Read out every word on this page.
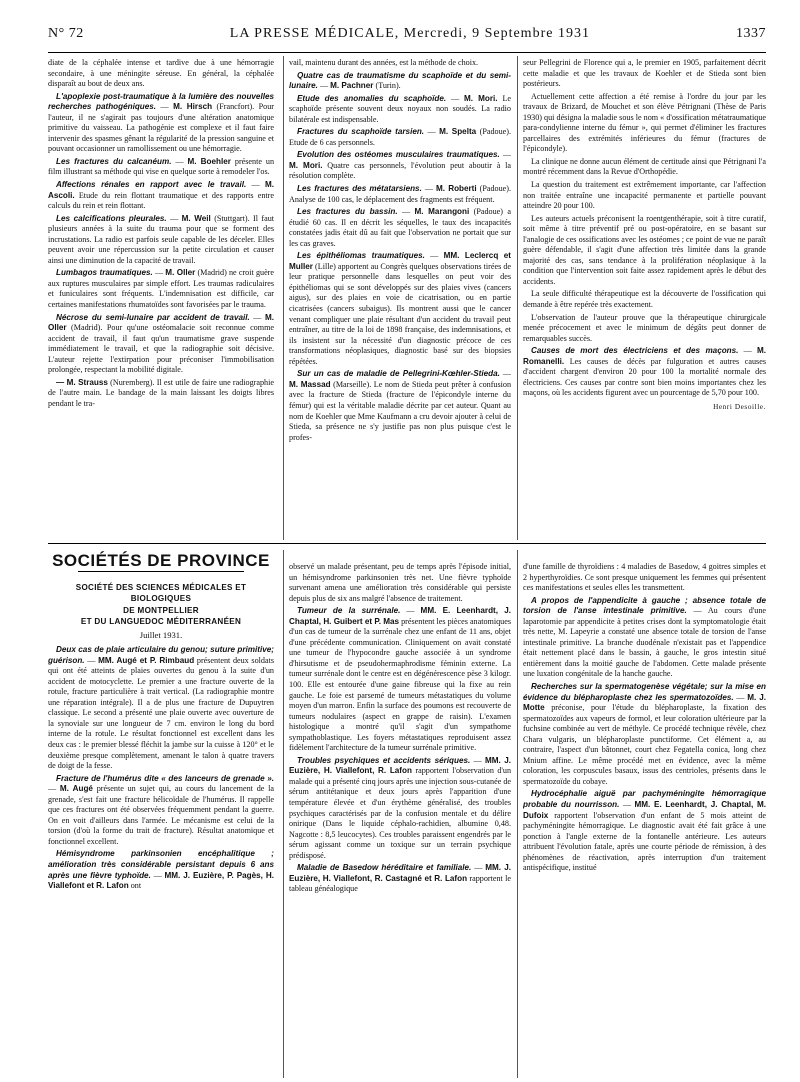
N° 72	LA PRESSE MÉDICALE, Mercredi, 9 Septembre 1931	1337

diate de la céphalée intense et tardive due à une hémorragie secondaire, à une méningite séreuse. En général, la céphalée disparaît au bout de deux ans.

L'apoplexie post-traumatique à la lumière des nouvelles recherches pathogéniques. — M. Hirsch (Francfort). Pour l'auteur, il ne s'agirait pas toujours d'une altération anatomique primitive du vaisseau. La pathogénie est complexe et il faut faire intervenir des spasmes gênant la régularité de la pression sanguine et pouvant occasionner un ramollissement ou une hémorragie.

Les fractures du calcanéum. — M. Boehler présente un film illustrant sa méthode qui vise en quelque sorte à remodeler l'os.

Affections rénales en rapport avec le travail. — M. Ascoli. Etude du rein flottant traumatique et des rapports entre calculs du rein et rein flottant.

Les calcifications pleurales. — M. Weil (Stuttgart). Il faut plusieurs années à la suite du trauma pour que se forment des incrustations. La radio est parfois seule capable de les déceler. Elles peuvent avoir une répercussion sur la petite circulation et causer ainsi une diminution de la capacité de travail.

Lumbagos traumatiques. — M. Oller (Madrid) ne croit guère aux ruptures musculaires par simple effort. Les traumas radiculaires et funiculaires sont fréquents. L'indemnisation est difficile, car certaines manifestations rhumatoïdes sont favorisées par le trauma.

Nécrose du semi-lunaire par accident de travail. — M. Oller (Madrid). Pour qu'une ostéomalacie soit reconnue comme accident de travail, il faut qu'un traumatisme grave suspende immédiatement le travail, et que la radiographie soit décisive. L'auteur rejette l'extirpation pour préconiser l'immobilisation prolongée, respectant la mobilité digitale.

— M. Strauss (Nuremberg). Il est utile de faire une radiographie de l'autre main. Le bandage de la main laissant les doigts libres pendant le tra-

vail, maintenu durant des années, est la méthode de choix.

Quatre cas de traumatisme du scaphoïde et du semi-lunaire. — M. Pachner (Turin).

Etude des anomalies du scaphoïde. — M. Mori. Le scaphoïde présente souvent deux noyaux non soudés. La radio bilatérale est indispensable.

Fractures du scaphoïde tarsien. — M. Spelta (Padoue). Etude de 6 cas personnels.

Evolution des ostéomes musculaires traumatiques. — M. Mori. Quatre cas personnels, l'évolution peut aboutir à la résolution complète.

Les fractures des métatarsiens. — M. Roberti (Padoue). Analyse de 100 cas, le déplacement des fragments est fréquent.

Les fractures du bassin. — M. Marangoni (Padoue) a étudié 60 cas. Il en décrit les séquelles, le taux des incapacités constatées jadis était dû au fait que l'observation ne portait que sur les cas graves.

Les épithéliomas traumatiques. — MM. Leclercq et Muller (Lille) apportent au Congrès quelques observations tirées de leur pratique personnelle dans lesquelles on peut voir des épithéliomas qui se sont développés sur des plaies vives (cancers aigus), sur des plaies en voie de cicatrisation, ou en partie cicatrisées (cancers subaigus). Ils montrent aussi que le cancer venant compliquer une plaie résultant d'un accident du travail peut entraîner, au titre de la loi de 1898 française, des indemnisations, et ils insistent sur la nécessité d'un diagnostic précoce de ces transformations néoplasiques, diagnostic basé sur des biopsies répétées.

Sur un cas de maladie de Pellegrini-Kœhler-Stieda. — M. Massad (Marseille). Le nom de Stieda peut prêter à confusion avec la fracture de Stieda (fracture de l'épicondyle interne du fémur) qui est la véritable maladie décrite par cet auteur. Quant au nom de Koehler que Mme Kaufmann a cru devoir ajouter à celui de Stieda, sa présence ne s'y justifie pas non plus puisque c'est le profes-

seur Pellegrini de Florence qui a, le premier en 1905, parfaitement décrit cette maladie et que les travaux de Koehler et de Stieda sont bien postérieurs.

Actuellement cette affection a été remise à l'ordre du jour par les travaux de Brizard, de Mouchet et son élève Pétrignani (Thèse de Paris 1930) qui désigna la maladie sous le nom « d'ossification métatraumatique para-condylienne interne du fémur », qui permet d'éliminer les fractures parcellaires des extrémités inférieures du fémur (fractures de l'épicondyle).

La clinique ne donne aucun élément de certitude ainsi que Pétrignani l'a montré récemment dans la Revue d'Orthopédie.

La question du traitement est extrêmement importante, car l'affection non traitée entraîne une incapacité permanente et partielle pouvant atteindre 20 pour 100.

Les auteurs actuels préconisent la roentgenthérapie, soit à titre curatif, soit même à titre préventif pré ou post-opératoire, en se basant sur l'analogie de ces ossifications avec les ostéomes ; ce point de vue ne paraît guère défendable, il s'agit d'une affection très limitée dans la grande majorité des cas, sans tendance à la prolifération néoplasique à la condition que l'intervention soit faite assez rapidement après le début des accidents.

La seule difficulté thérapeutique est la découverte de l'ossification qui demande à être repérée très exactement.

L'observation de l'auteur prouve que la thérapeutique chirurgicale menée précocement et avec le minimum de dégâts peut donner de remarquables succès.

Causes de mort des électriciens et des maçons. — M. Romanelli. Les causes de décès par fulguration et autres causes d'accident chargent d'environ 20 pour 100 la mortalité normale des électriciens. Ces causes par contre sont bien moins importantes chez les maçons, où les accidents figurent avec un pourcentage de 5,70 pour 100.

Henri Desoille.
SOCIÉTÉS DE PROVINCE
SOCIÉTÉ DES SCIENCES MÉDICALES ET BIOLOGIQUES
DE MONTPELLIER
ET DU LANGUEDOC MÉDITERRANÉEN
Juillet 1931.

Deux cas de plaie articulaire du genou; suture primitive; guérison. — MM. Augé et P. Rimbaud présentent deux soldats qui ont été atteints de plaies ouvertes du genou à la suite d'un accident de motocyclette. Le premier a une fracture ouverte de la rotule, fracture particulière à trait vertical. (La radiographie montre une réparation intégrale). Il a de plus une fracture de Dupuytren classique. Le second a présenté une plaie ouverte avec ouverture de la synoviale sur une longueur de 7 cm. environ le long du bord interne de la rotule. Le résultat fonctionnel est excellent dans les deux cas : le premier blessé fléchit la jambe sur la cuisse à 120° et le deuxième presque complètement, amenant le talon à quatre travers de doigt de la fesse.

Fracture de l'humérus dite « des lanceurs de grenade ». — M. Augé présente un sujet qui, au cours du lancement de la grenade, s'est fait une fracture hélicoïdale de l'humérus. Il rappelle que ces fractures ont été observées fréquemment pendant la guerre. On en voit d'ailleurs dans l'armée. Le mécanisme est celui de la torsion (d'où la forme du trait de fracture). Résultat anatomique et fonctionnel excellent.

Hémisyndrome parkinsonien encéphalitique ; amélioration très considérable persistant depuis 6 ans après une fièvre typhoïde. — MM. J. Euzière, P. Pagès, H. Viallefont et R. Lafon ont

observé un malade présentant, peu de temps après l'épisode initial, un hémisyndrome parkinsonien très net. Une fièvre typhoïde survenant amena une amélioration très considérable qui persiste depuis plus de six ans malgré l'absence de traitement.

Tumeur de la surrénale. — MM. E. Leenhardt, J. Chaptal, H. Guibert et P. Mas présentent les pièces anatomiques d'un cas de tumeur de la surrénale chez une enfant de 11 ans, objet d'une précédente communication. Cliniquement on avait constaté une tumeur de l'hypocondre gauche associée à un syndrome d'hirsutisme et de pseudohermaphrodisme féminin externe. La tumeur surrénale dont le centre est en dégénérescence pèse 3 kilogr. 100. Elle est entourée d'une gaine fibreuse qui la fixe au rein gauche. Le foie est parsemé de tumeurs métastatiques du volume moyen d'un marron. Enfin la surface des poumons est recouverte de tumeurs nodulaires (aspect en grappe de raisin). L'examen histologique a montré qu'il s'agit d'un sympathome sympathoblastique. Les foyers métastatiques reproduisent assez fidèlement l'architecture de la tumeur surrénale primitive.

Troubles psychiques et accidents sériques. — MM. J. Euzière, H. Viallefont, R. Lafon rapportent l'observation d'un malade qui a présenté cinq jours après une injection sous-cutanée de sérum antitétanique et deux jours après l'apparition d'une température élevée et d'un érythème généralisé, des troubles psychiques caractérisés par de la confusion mentale et du délire onirique (Dans le liquide céphalo-rachidien, albumine 0,48. Nagcotte : 8,5 leucocytes). Ces troubles paraissent engendrés par le sérum agissant comme un toxique sur un terrain psychique prédisposé.

Maladie de Basedow héréditaire et familiale. — MM. J. Euzière, H. Viallefont, R. Castagné et R. Lafon rapportent le tableau généalogique

d'une famille de thyroïdiens : 4 maladies de Basedow, 4 goitres simples et 2 hyperthyroïdies. Ce sont presque uniquement les femmes qui présentent ces manifestations et seules elles les transmettent.

A propos de l'appendicite à gauche ; absence totale de torsion de l'anse intestinale primitive. — Au cours d'une laparotomie par appendicite à petites crises dont la symptomatologie était très nette, M. Lapeyrie a constaté une absence totale de torsion de l'anse intestinale primitive. La branche duodénale n'existait pas et l'appendice était nettement placé dans le bassin, à gauche, le gros intestin situé entièrement dans la moitié gauche de l'abdomen. Cette malade présente une luxation congénitale de la hanche gauche.

Recherches sur la spermatogenèse végétale; sur la mise en évidence du blépharoplaste chez les spermatozoïdes. — M. J. Motte préconise, pour l'étude du blépharoplaste, la fixation des spermatozoïdes aux vapeurs de formol, et leur coloration ultérieure par la fuchsine combinée au vert de méthyle. Ce procédé technique révèle, chez Chara vulgaris, un blépharoplaste punctiforme. Cet élément a, au contraire, l'aspect d'un bâtonnet, court chez Fegatella conica, long chez Mnium affine. Le même procédé met en évidence, avec la même coloration, les corpuscules basaux, issus des centrioles, présents dans le spermatozoïde du cobaye.

Hydrocéphalie aiguë par pachyméningite hémorragique probable du nourrisson. — MM. E. Leenhardt, J. Chaptal, M. Dufoix rapportent l'observation d'un enfant de 5 mois atteint de pachyméningite hémorragique. Le diagnostic avait été fait grâce à une ponction à l'angle externe de la fontanelle antérieure. Les auteurs attribuent l'évolution fatale, après une courte période de rémission, à des phénomènes de réactivation, après interruption d'un traitement antispécifique, institué
